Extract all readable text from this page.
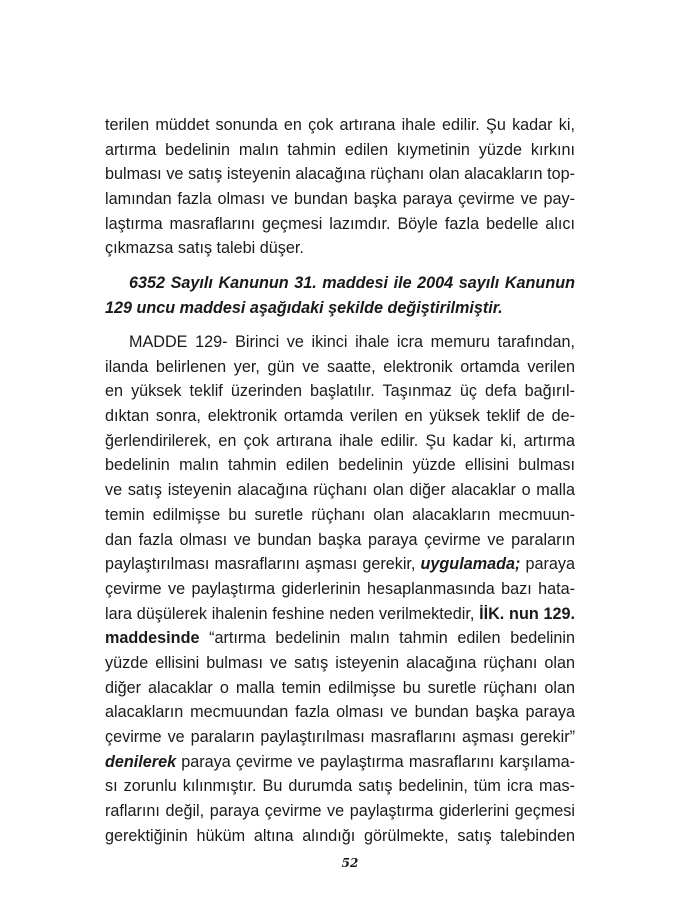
terilen müddet sonunda en çok artırana ihale edilir. Şu kadar ki,
artırma bedelinin malın tahmin edilen kıymetinin yüzde kırkını
bulması ve satış isteyenin alacağına rüçhanı olan alacakların top-
lamından fazla olması ve bundan başka paraya çevirme ve pay-
laştırma masraflarını geçmesi lazımdır. Böyle fazla bedelle alıcı
çıkmazsa satış talebi düşer.
6352 Sayılı Kanunun 31. maddesi ile 2004 sayılı Kanunun
129 uncu maddesi aşağıdaki şekilde değiştirilmiştir.
MADDE 129- Birinci ve ikinci ihale icra memuru tarafından,
ilanda belirlenen yer, gün ve saatte, elektronik ortamda verilen
en yüksek teklif üzerinden başlatılır. Taşınmaz üç defa bağırıl-
dıktan sonra, elektronik ortamda verilen en yüksek teklif de de-
ğerlendirilerek, en çok artırana ihale edilir. Şu kadar ki, artırma
bedelinin malın tahmin edilen bedelinin yüzde ellisini bulması
ve satış isteyenin alacağına rüçhanı olan diğer alacaklar o malla
temin edilmişse bu suretle rüçhanı olan alacakların mecmuun-
dan fazla olması ve bundan başka paraya çevirme ve paraların
paylaştırılması masraflarını aşması gerekir, uygulamada; paraya
çevirme ve paylaştırma giderlerinin hesaplanmasında bazı hata-
lara düşülerek ihalenin feshine neden verilmektedir, İİK. nun 129.
maddesinde “artırma bedelinin malın tahmin edilen bedelinin
yüzde ellisini bulması ve satış isteyenin alacağına rüçhanı olan
diğer alacaklar o malla temin edilmişse bu suretle rüçhanı olan
alacakların mecmuundan fazla olması ve bundan başka paraya
çevirme ve paraların paylaştırılması masraflarını aşması gerekir”
denilerek paraya çevirme ve paylaştırma masraflarını karşılama-
sı zorunlu kılınmıştır. Bu durumda satış bedelinin, tüm icra mas-
raflarını değil, paraya çevirme ve paylaştırma giderlerini geçmesi
gerektiğinin hüküm altına alındığı görülmekte, satış talebinden
52
